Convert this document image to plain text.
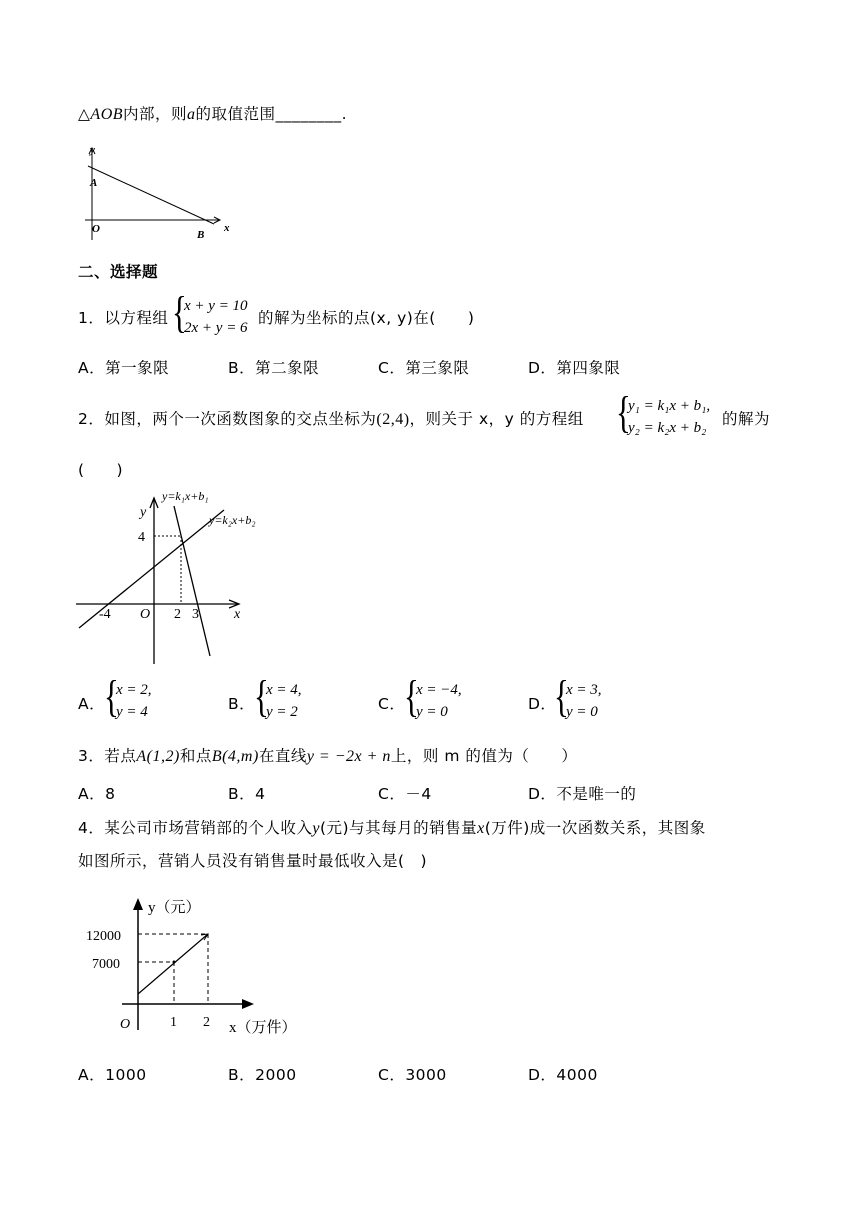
△AOB内部，则a的取值范围________.
y
x
A
O	B
二、选择题
1．以方程组 {
x + y = 10
2x + y = 6
的解为坐标的点(x, y)在(　　)
A．第一象限	B．第二象限	C．第三象限	D．第四象限
2．如图，两个一次函数图象的交点坐标为(2,4)，则关于 x，y 的方程组 {
y₁ = k₁x + b₁,
y₂ = k₂x + b₂ 的解为
(　　)
y=k₁x+b₁
y=k₂x+b₂
y
x
4
-4 O 2 3
A．
{
x = 2,
y = 4	B．
{
x = 4,
y = 2	C．
{
x = −4,
y = 0	D．
{
x = 3,
y = 0
3．若点A(1,2)和点B(4,m)在直线y = −2x + n上，则 m 的值为（　　）
A．8	B．4	C．－4	D．不是唯一的
4．某公司市场营销部的个人收入y(元)与其每月的销售量x(万件)成一次函数关系，其图象
如图所示，营销人员没有销售量时最低收入是(　)
y（元）
12000
7000
O	1 2 x（万件）
A．1000	B．2000	C．3000	D．4000
